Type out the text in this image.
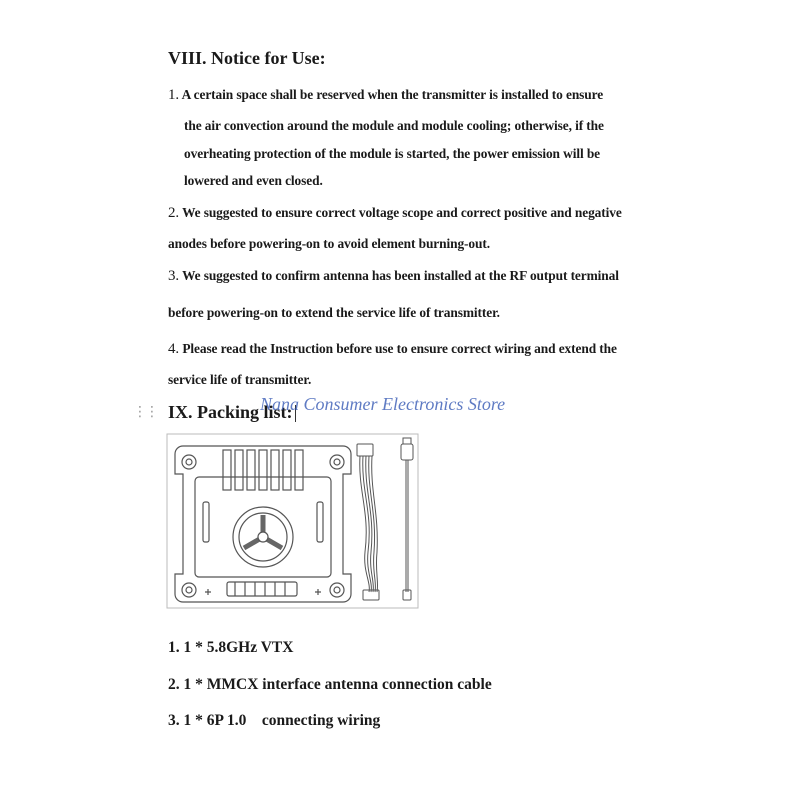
VIII. Notice for Use:

1. A certain space shall be reserved when the transmitter is installed to ensure

the air convection around the module and module cooling; otherwise, if the

overheating protection of the module is started, the power emission will be

lowered and even closed.

2. We suggested to ensure correct voltage scope and correct positive and negative

anodes before powering-on to avoid element burning-out.

3. We suggested to confirm antenna has been installed at the RF output terminal

before powering-on to extend the service life of transmitter.

4. Please read the Instruction before use to ensure correct wiring and extend the

service life of transmitter.

⋮⋮ IX. Packing list:

Nana Consumer Electronics Store

1. 1 * 5.8GHz VTX

2. 1 * MMCX interface antenna connection cable

3. 1 * 6P 1.0    connecting wiring
